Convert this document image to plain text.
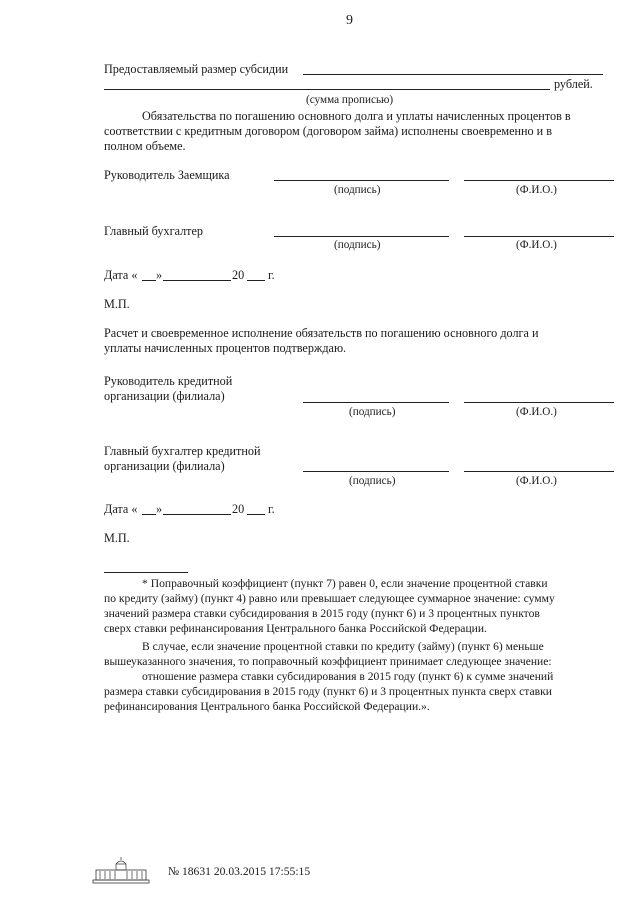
9
Предоставляемый размер субсидии
рублей.
(сумма прописью)
Обязательства по погашению основного долга и уплаты начисленных процентов в
соответствии с кредитным договором (договором займа) исполнены своевременно и в
полном объеме.
Руководитель Заемщика
(подпись)	(Ф.И.О.)
Главный бухгалтер
(подпись)	(Ф.И.О.)
Дата « »	20 г.
М.П.
Расчет и своевременное исполнение обязательств по погашению основного долга и
уплаты начисленных процентов подтверждаю.
Руководитель кредитной
организации (филиала)
(подпись)	(Ф.И.О.)
Главный бухгалтер кредитной
организации (филиала)
(подпись)	(Ф.И.О.)
Дата « »	20 г.
М.П.
* Поправочный коэффициент (пункт 7) равен 0, если значение процентной ставки
по кредиту (займу) (пункт 4) равно или превышает следующее суммарное значение: сумму
значений размера ставки субсидирования в 2015 году (пункт 6) и 3 процентных пунктов
сверх ставки рефинансирования Центрального банка Российской Федерации.
В случае, если значение процентной ставки по кредиту (займу) (пункт 6) меньше
вышеуказанного значения, то поправочный коэффициент принимает следующее значение:
отношение размера ставки субсидирования в 2015 году (пункт 6) к сумме значений
размера ставки субсидирования в 2015 году (пункт 6) и 3 процентных пункта сверх ставки
рефинансирования Центрального банка Российской Федерации.».
№ 18631 20.03.2015 17:55:15
